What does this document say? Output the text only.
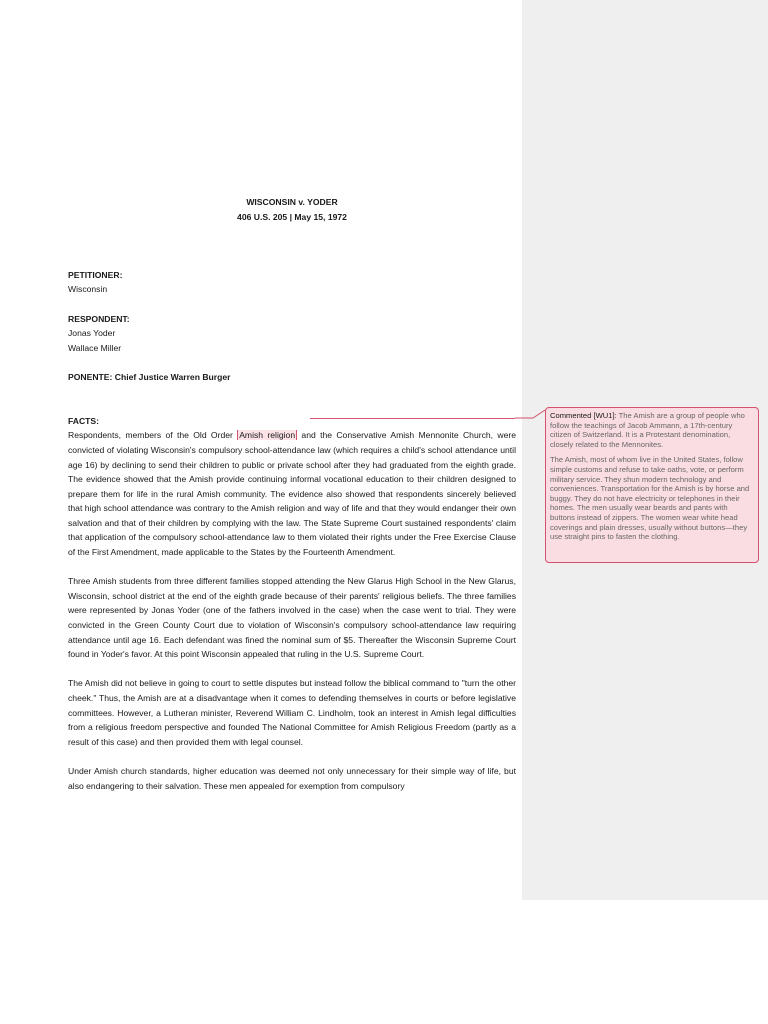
WISCONSIN v. YODER
406 U.S. 205 | May 15, 1972
PETITIONER:
Wisconsin
RESPONDENT:
Jonas Yoder
Wallace Miller
PONENTE: Chief Justice Warren Burger
FACTS:
Respondents, members of the Old Order Amish religion and the Conservative Amish Mennonite Church, were convicted of violating Wisconsin's compulsory school-attendance law (which requires a child's school attendance until age 16) by declining to send their children to public or private school after they had graduated from the eighth grade. The evidence showed that the Amish provide continuing informal vocational education to their children designed to prepare them for life in the rural Amish community. The evidence also showed that respondents sincerely believed that high school attendance was contrary to the Amish religion and way of life and that they would endanger their own salvation and that of their children by complying with the law. The State Supreme Court sustained respondents' claim that application of the compulsory school-attendance law to them violated their rights under the Free Exercise Clause of the First Amendment, made applicable to the States by the Fourteenth Amendment.
Three Amish students from three different families stopped attending the New Glarus High School in the New Glarus, Wisconsin, school district at the end of the eighth grade because of their parents' religious beliefs. The three families were represented by Jonas Yoder (one of the fathers involved in the case) when the case went to trial. They were convicted in the Green County Court due to violation of Wisconsin's compulsory school-attendance law requiring attendance until age 16. Each defendant was fined the nominal sum of $5. Thereafter the Wisconsin Supreme Court found in Yoder's favor. At this point Wisconsin appealed that ruling in the U.S. Supreme Court.
The Amish did not believe in going to court to settle disputes but instead follow the biblical command to "turn the other cheek." Thus, the Amish are at a disadvantage when it comes to defending themselves in courts or before legislative committees. However, a Lutheran minister, Reverend William C. Lindholm, took an interest in Amish legal difficulties from a religious freedom perspective and founded The National Committee for Amish Religious Freedom (partly as a result of this case) and then provided them with legal counsel.
Under Amish church standards, higher education was deemed not only unnecessary for their simple way of life, but also endangering to their salvation. These men appealed for exemption from compulsory

Commented [WU1]: The Amish are a group of people who follow the teachings of Jacob Ammann, a 17th-century citizen of Switzerland. It is a Protestant denomination, closely related to the Mennonites.

The Amish, most of whom live in the United States, follow simple customs and refuse to take oaths, vote, or perform military service. They shun modern technology and conveniences. Transportation for the Amish is by horse and buggy. They do not have electricity or telephones in their homes. The men usually wear beards and pants with buttons instead of zippers. The women wear white head coverings and plain dresses, usually without buttons—they use straight pins to fasten the clothing.
